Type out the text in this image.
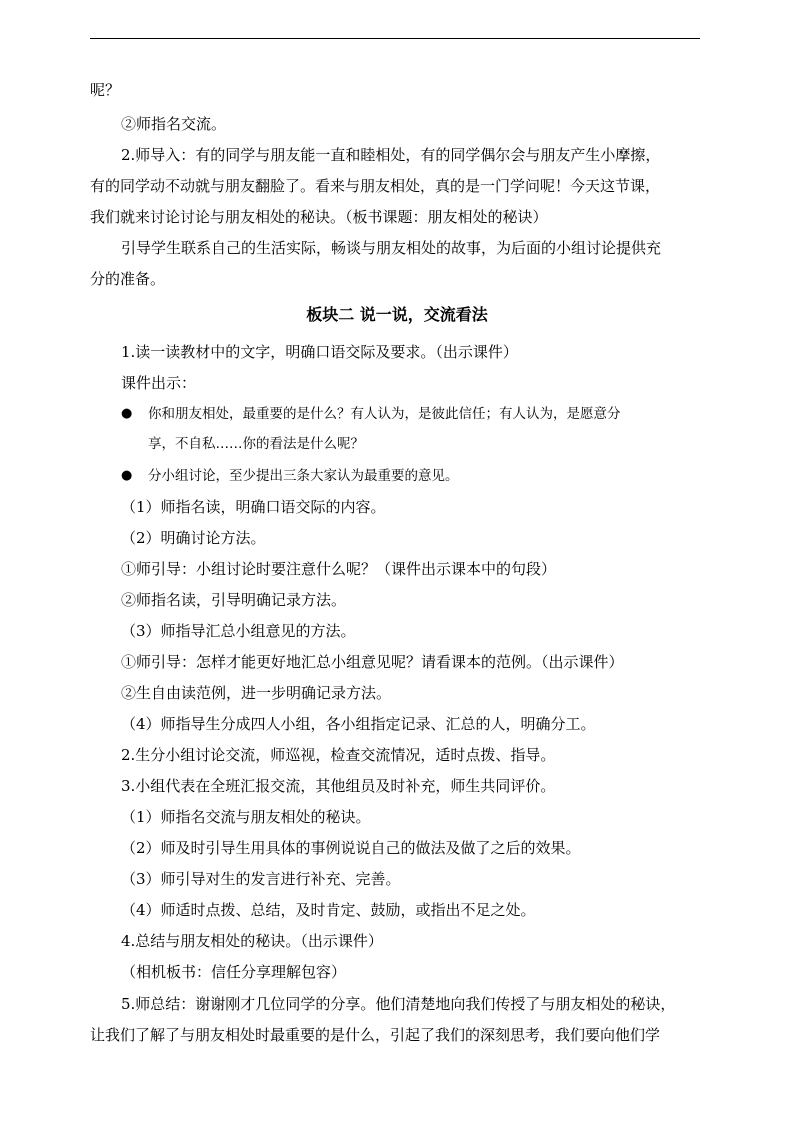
呢？
②师指名交流。
2.师导入：有的同学与朋友能一直和睦相处，有的同学偶尔会与朋友产生小摩擦，
有的同学动不动就与朋友翻脸了。看来与朋友相处，真的是一门学问呢！今天这节课，
我们就来讨论讨论与朋友相处的秘诀。（板书课题：朋友相处的秘诀）
引导学生联系自己的生活实际，畅谈与朋友相处的故事，为后面的小组讨论提供充
分的准备。
板块二 说一说，交流看法
1.读一读教材中的文字，明确口语交际及要求。（出示课件）
课件出示：
● 你和朋友相处，最重要的是什么？有人认为，是彼此信任；有人认为，是愿意分
享，不自私……你的看法是什么呢？
● 分小组讨论，至少提出三条大家认为最重要的意见。
（1）师指名读，明确口语交际的内容。
（2）明确讨论方法。
①师引导：小组讨论时要注意什么呢？（课件出示课本中的句段）
②师指名读，引导明确记录方法。
（3）师指导汇总小组意见的方法。
①师引导：怎样才能更好地汇总小组意见呢？请看课本的范例。（出示课件）
②生自由读范例，进一步明确记录方法。
（4）师指导生分成四人小组，各小组指定记录、汇总的人，明确分工。
2.生分小组讨论交流，师巡视，检查交流情况，适时点拨、指导。
3.小组代表在全班汇报交流，其他组员及时补充，师生共同评价。
（1）师指名交流与朋友相处的秘诀。
（2）师及时引导生用具体的事例说说自己的做法及做了之后的效果。
（3）师引导对生的发言进行补充、完善。
（4）师适时点拨、总结，及时肯定、鼓励，或指出不足之处。
4.总结与朋友相处的秘诀。（出示课件）
（相机板书：信任分享理解包容）
5.师总结：谢谢刚才几位同学的分享。他们清楚地向我们传授了与朋友相处的秘诀，
让我们了解了与朋友相处时最重要的是什么，引起了我们的深刻思考，我们要向他们学
